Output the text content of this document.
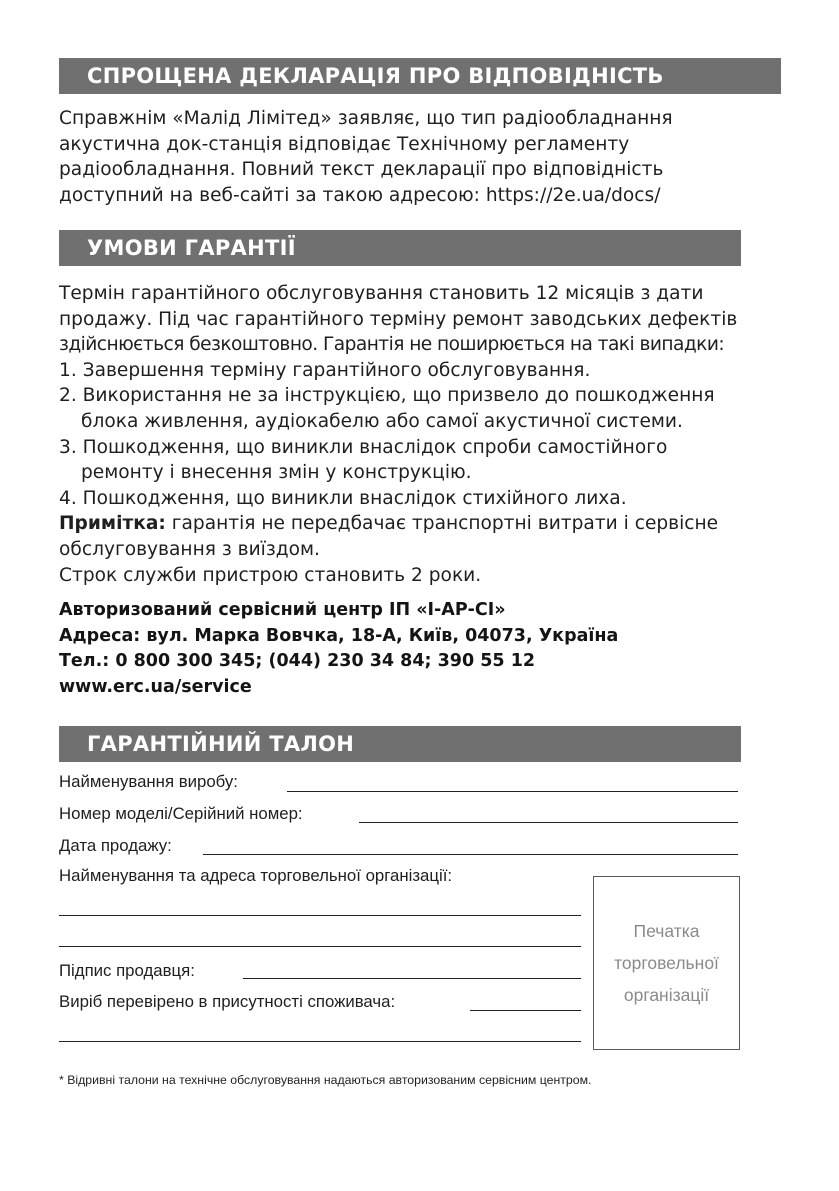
СПРОЩЕНА ДЕКЛАРАЦІЯ ПРО ВІДПОВІДНІСТЬ
Справжнім «Малід Лімітед» заявляє, що тип радіообладнання
акустична док-станція відповідає Технічному регламенту
радіообладнання. Повний текст декларації про відповідність
доступний на веб-сайті за такою адресою: https://2e.ua/docs/
УМОВИ ГАРАНТІЇ
Термін гарантійного обслуговування становить 12 місяців з дати
продажу. Під час гарантійного терміну ремонт заводських дефектів
здійснюється безкоштовно. Гарантія не поширюється на такі випадки:
1. Завершення терміну гарантійного обслуговування.
2. Використання не за інструкцією, що призвело до пошкодження
блока живлення, аудіокабелю або самої акустичної системи.
3. Пошкодження, що виникли внаслідок спроби самостійного
ремонту і внесення змін у конструкцію.
4. Пошкодження, що виникли внаслідок стихійного лиха.
Примітка: гарантія не передбачає транспортні витрати і сервісне
обслуговування з виїздом.
Строк служби пристрою становить 2 роки.
Авторизований сервісний центр ІП «І-АР-СІ»
Адреса: вул. Марка Вовчка, 18-А, Київ, 04073, Україна
Тел.: 0 800 300 345; (044) 230 34 84; 390 55 12
www.erc.ua/service
ГАРАНТІЙНИЙ ТАЛОН
Найменування виробу:
Номер моделі/Серійний номер:
Дата продажу:
Найменування та адреса торговельної організації:
Підпис продавця:
Виріб перевірено в присутності споживача:
Печатка
торговельної
організації
* Відривні талони на технічне обслуговування надаються авторизованим сервісним центром.
